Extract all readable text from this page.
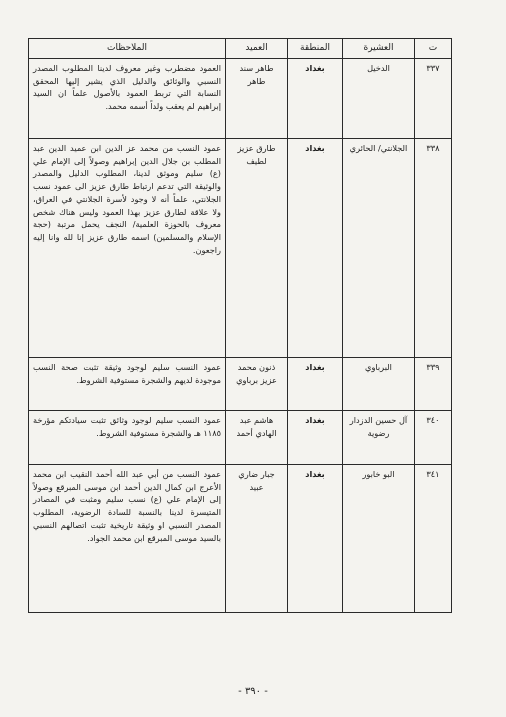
ت	العشيرة	المنطقة	العميد	الملاحظات
٣٣٧	الدخيل	بغداد	طاهر سند طاهر	العمود مضطرب وغير معروف لدينا المطلوب المصدر النسبي والوثائق والدليل الذي يشير إليها المحقق النسابة التي تربط العمود بالأصول علماً ان السيد إبراهيم لم يعقب ولداً أسمه محمد.
٣٣٨	الجلانتي/ الحائري	بغداد	طارق عزيز لطيف	عمود النسب من محمد عز الدين ابن عميد الدين عبد المطلب بن جلال الدين إبراهيم وصولاً إلى الإمام علي (ع) سليم وموثق لدينا، المطلوب الدليل والمصدر والوثيقة التي تدعم ارتباط طارق عزيز الى عمود نسب الجلانتي، علماً أنه لا وجود لأسرة الجلانتي في العراق، ولا علاقة لطارق عزيز بهذا العمود وليس هناك شخص معروف بالحوزة العلمية/ النجف يحمل مرتبة (حجة الإسلام والمسلمين) اسمه طارق عزيز إنا لله وانا إليه راجعون.
٣٣٩	البرباوي	بغداد	ذنون محمد عزيز برباوي	عمود النسب سليم لوجود وثيقة تثبت صحة النسب موجودة لديهم والشجرة مستوفية الشروط.
٣٤٠	آل حسين الدزدار رضوية	بغداد	هاشم عبد الهادي أحمد	عمود النسب سليم لوجود وثائق تثبت سيادتكم مؤرخة ١١٨٥ هـ والشجرة مستوفية الشروط.
٣٤١	البو خابور	بغداد	جبار ضاري عبيد	عمود النسب من أبي عبد الله أحمد النقيب ابن محمد الأعرج ابن كمال الدين أحمد ابن موسى المبرقع وصولاً إلى الإمام علي (ع) نسب سليم ومثبت في المصادر المتيسرة لدينا بالنسبة للسادة الرضوية، المطلوب المصدر النسبي او وثيقة تاريخية تثبت اتصالهم النسبي بالسيد موسى المبرقع ابن محمد الجواد.
- ٣٩٠ -
